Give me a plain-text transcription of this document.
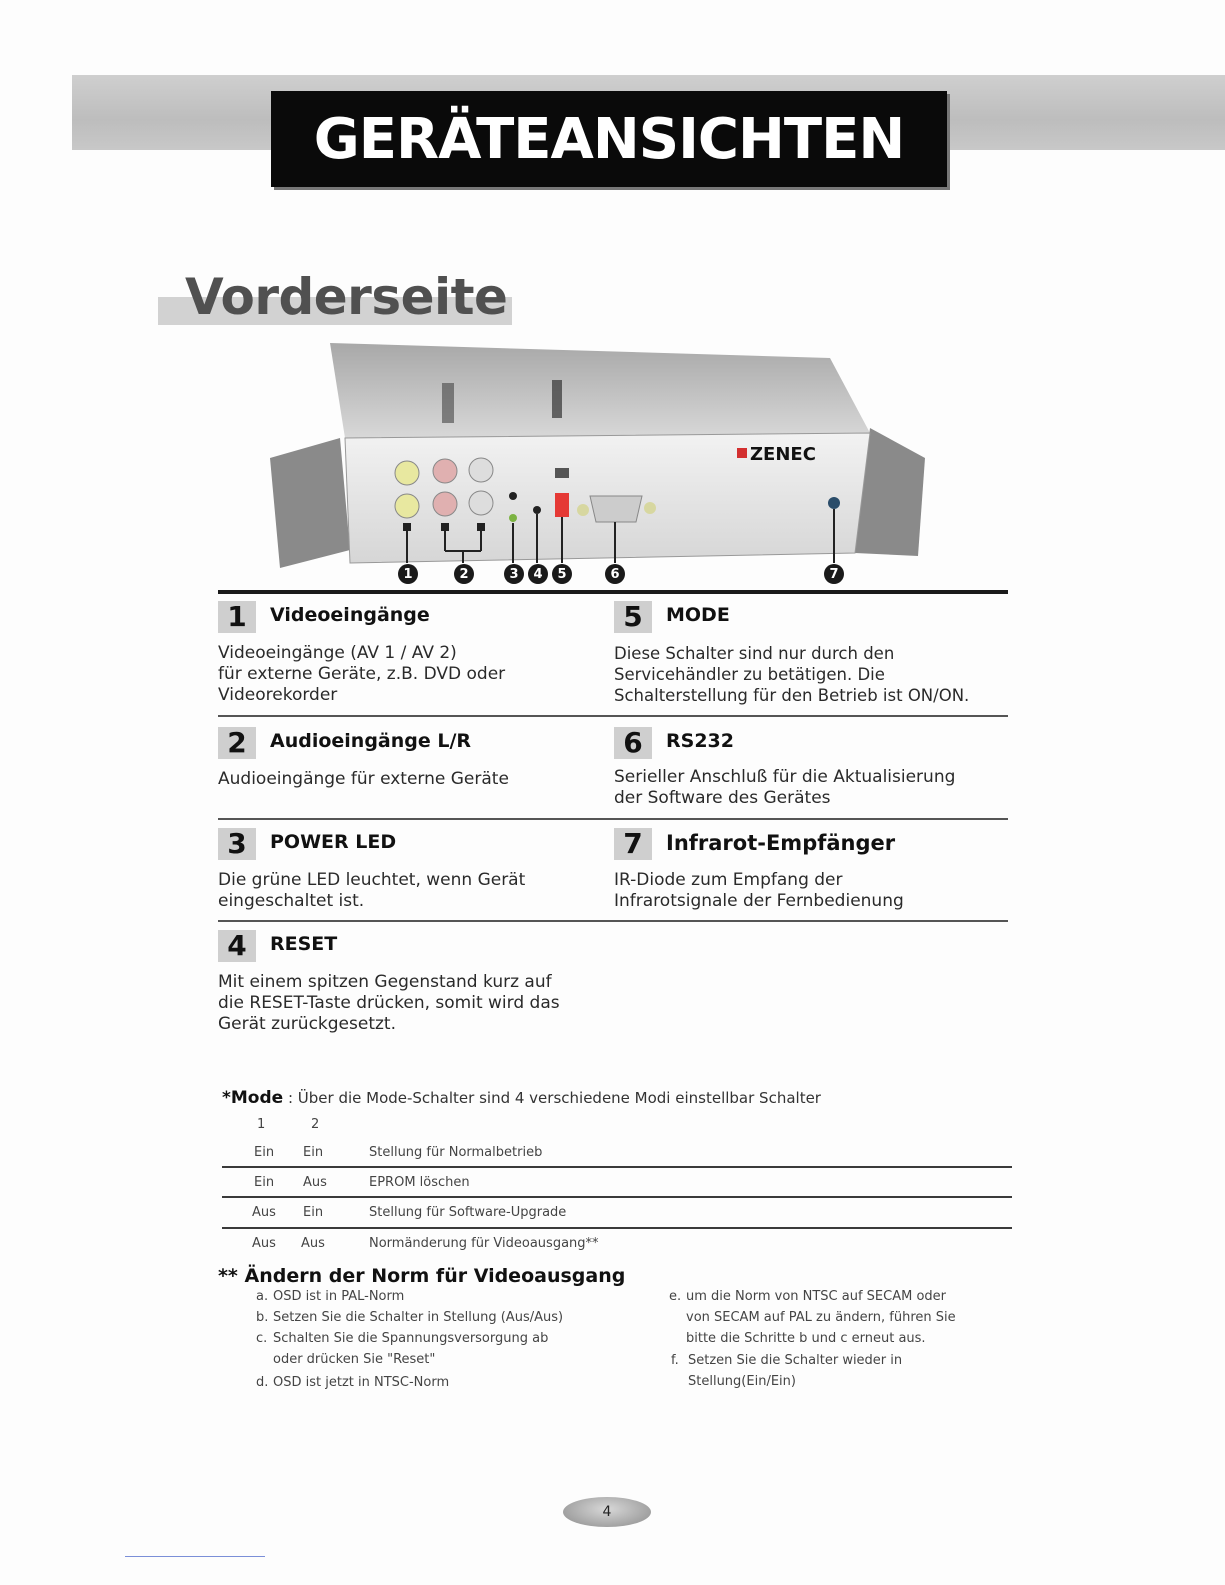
GERÄTEANSICHTEN
Vorderseite
ZENEC
1	2	3	4	5	6	7
1	Videoeingänge
Videoeingänge (AV 1 / AV 2)
für externe Geräte, z.B. DVD oder
Videorekorder
2	Audioeingänge L/R
Audioeingänge für externe Geräte
3	POWER LED
Die grüne LED leuchtet, wenn Gerät
eingeschaltet ist.
4	RESET
Mit einem spitzen Gegenstand kurz auf
die RESET-Taste drücken, somit wird das
Gerät zurückgesetzt.
5	MODE
Diese Schalter sind nur durch den
Servicehändler zu betätigen. Die
Schalterstellung für den Betrieb ist ON/ON.
6	RS232
Serieller Anschluß für die Aktualisierung
der Software des Gerätes
7	Infrarot-Empfänger
IR-Diode zum Empfang der
Infrarotsignale der Fernbedienung
*Mode : Über die Mode-Schalter sind 4 verschiedene Modi einstellbar Schalter
1	2
Ein Ein	Stellung für Normalbetrieb
Ein Aus	EPROM löschen
Aus Ein	Stellung für Software-Upgrade
Aus Aus	Normänderung für Videoausgang**
** Ändern der Norm für Videoausgang
a. OSD ist in PAL-Norm
b. Setzen Sie die Schalter in Stellung (Aus/Aus)
c. Schalten Sie die Spannungsversorgung ab
oder drücken Sie "Reset"
d. OSD ist jetzt in NTSC-Norm
e. um die Norm von NTSC auf SECAM oder
von SECAM auf PAL zu ändern, führen Sie
bitte die Schritte b und c erneut aus.
f. Setzen Sie die Schalter wieder in
Stellung(Ein/Ein)
4
